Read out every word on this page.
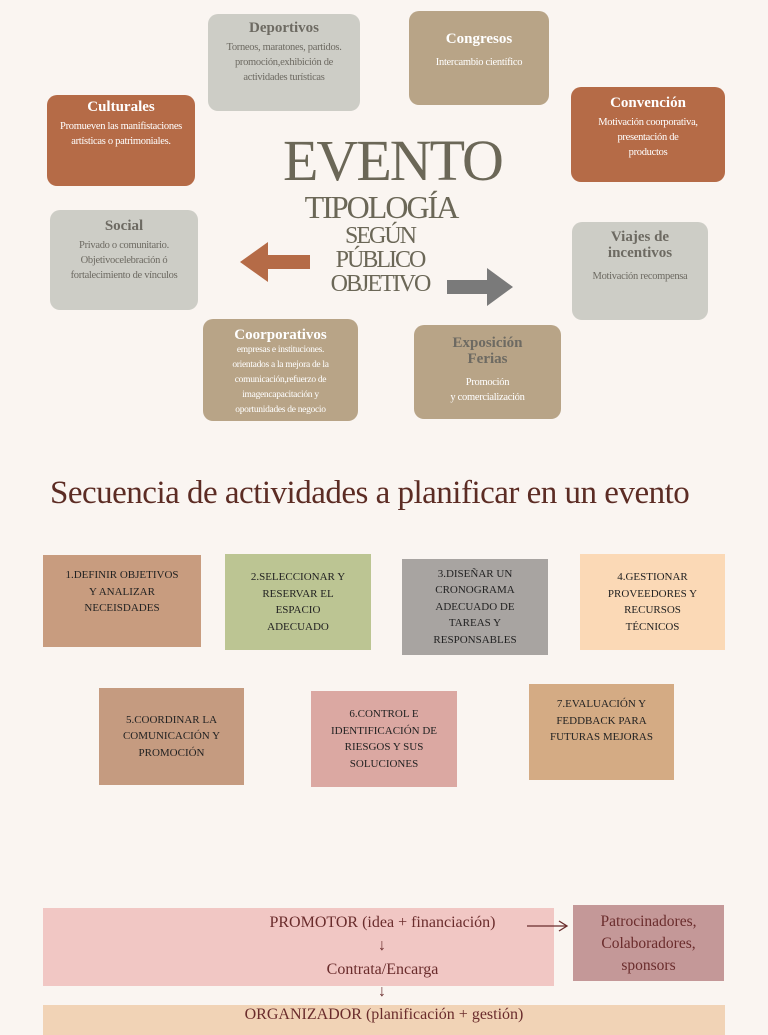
Deportivos
Torneos, maratones, partidos.
promoción,exhibición de
actividades turísticas
Congresos
Intercambio científico
Culturales
Promueven las manifistaciones
artísticas o patrimoniales.
Convención
Motivación coorporativa,
presentación de
productos
Social
Privado o comunitario.
Objetivocelebración ó
fortalecimiento de vínculos
Viajes de
incentivos
Motivación recompensa
Coorporativos
empresas e instituciones.
orientados a la mejora de la
comunicación,refuerzo de
imagencapacitación y
oportunidades de negocio
Exposición
Ferias
Promoción
y comercialización
EVENTO
TIPOLOGÍA
SEGÚN
PÚBLICO
OBJETIVO
Secuencia de actividades a planificar en un evento
1.DEFINIR OBJETIVOS
Y ANALIZAR
NECEISDADES
2.SELECCIONAR Y
RESERVAR EL
ESPACIO
ADECUADO
3.DISEÑAR UN
CRONOGRAMA
ADECUADO DE
TAREAS Y
RESPONSABLES
4.GESTIONAR
PROVEEDORES Y
RECURSOS
TÉCNICOS
5.COORDINAR LA
COMUNICACIÓN Y
PROMOCIÓN
6.CONTROL E
IDENTIFICACIÓN DE
RIESGOS Y SUS
SOLUCIONES
7.EVALUACIÓN Y
FEDDBACK PARA
FUTURAS MEJORAS
PROMOTOR (idea + financiación)
↓
Contrata/Encarga
↓
Patrocinadores,
Colaboradores,
sponsors
ORGANIZADOR (planificación + gestión)
